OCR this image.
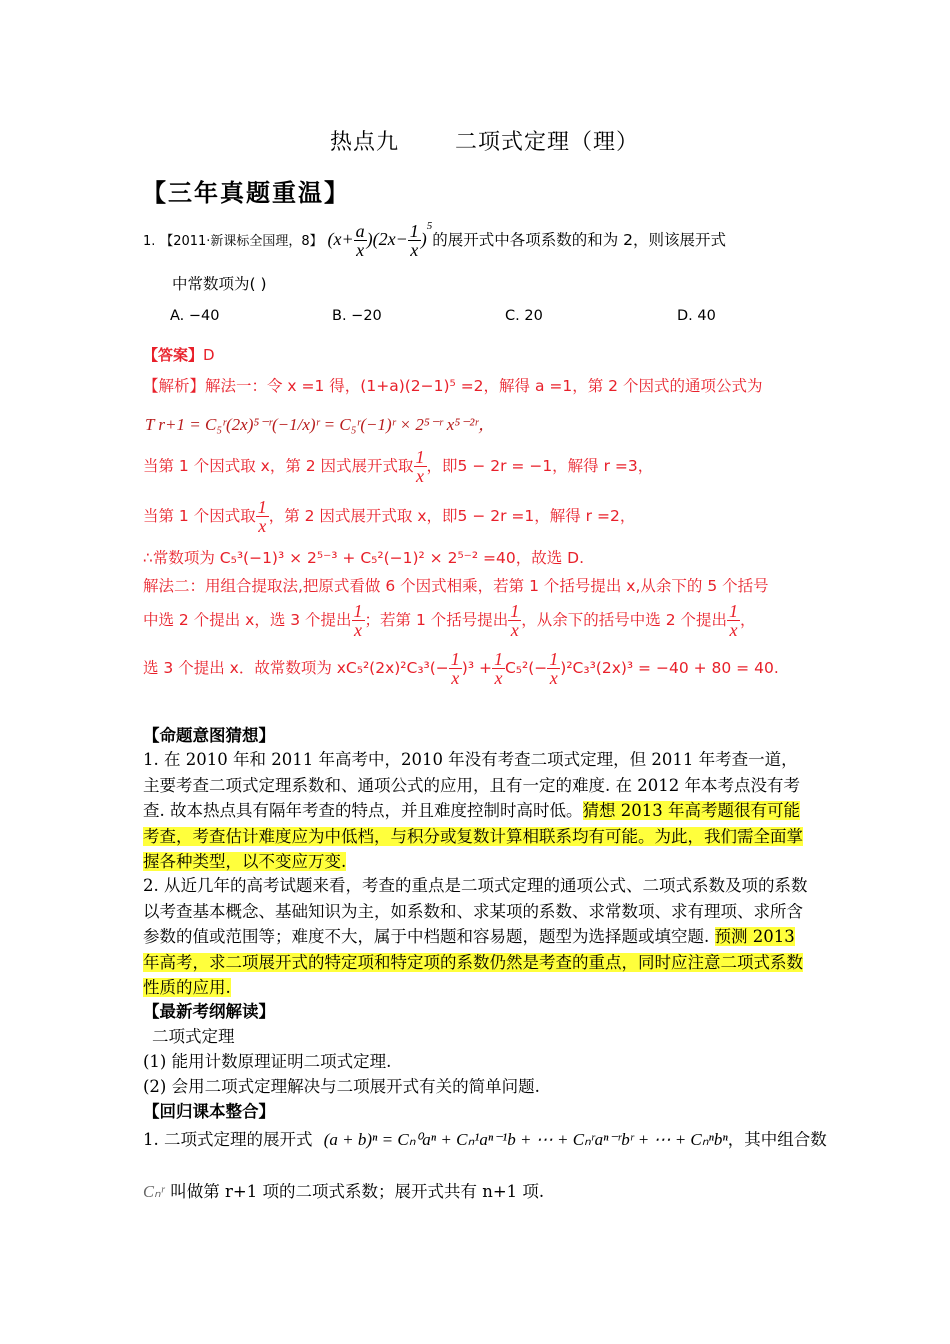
热点九	二项式定理（理）
【三年真题重温】
1. 【2011·新课标全国理，8】 $(x+ \frac{a}{x} )(2x- \frac{1}{x} )^5$的展开式中各项系数的和为 2，则该展开式
中常数项为( )
A. −40	B. −20	C. 20	D. 40
【答案】D
【解析】解法一：令 x =1 得，(1+a)(2−1)⁵ =2，解得 a =1，第 2 个因式的通项公式为
T r+1 = C₅ʳ(2x)⁵⁻ʳ(−1/x)ʳ = C₅ʳ(−1)ʳ × 2⁵⁻ʳ x⁵⁻²ʳ，
当第 1 个因式取 x，第 2 因式展开式取 $\frac{1}{x}$ ，即5 − 2r = −1，解得 r =3，
当第 1 个因式取 $\frac{1}{x}$ ，第 2 因式展开式取 x，即5 − 2r =1，解得 r =2，
∴常数项为 C₅³(−1)³ × 2⁵⁻³ + C₅²(−1)² × 2⁵⁻² =40，故选 D.
解法二：用组合提取法,把原式看做 6 个因式相乘，若第 1 个括号提出 x,从余下的 5 个括号
中选 2 个提出 x，选 3 个提出 $\frac{1}{x}$ ；若第 1 个括号提出 $\frac{1}{x}$ ，从余下的括号中选 2 个提出 $\frac{1}{x}$ ，
选 3 个提出 x．故常数项为 $xC_5^2(2x)^2C_3^3(- \frac{1}{x} )^3 + \frac{1}{x} C_5^2(- \frac{1}{x} )^2C_3^3(2x)^3 = -40 + 80 = 40$.
【命题意图猜想】

1. 在 2010 年和 2011 年高考中，2010 年没有考查二项式定理，但 2011 年考查一道，主要考查二项式定理系数和、通项公式的应用，且有一定的难度. 在 2012 年本考点没有考查. 故本热点具有隔年考查的特点，并且难度控制时高时低。猜想 2013 年高考题很有可能考查，考查估计难度应为中低档，与积分或复数计算相联系均有可能。为此，我们需全面掌握各种类型，以不变应万变.

2. 从近几年的高考试题来看，考查的重点是二项式定理的通项公式、二项式系数及项的系数以考查基本概念、基础知识为主，如系数和、求某项的系数、求常数项、求有理项、求所含参数的值或范围等；难度不大，属于中档题和容易题，题型为选择题或填空题. 预测 2013 年高考，求二项展开式的特定项和特定项的系数仍然是考查的重点，同时应注意二项式系数性质的应用.

【最新考纲解读】
二项式定理
(1) 能用计数原理证明二项式定理.
(2) 会用二项式定理解决与二项展开式有关的简单问题.
【回归课本整合】
1. 二项式定理的展开式 (a + b)ⁿ = Cₙ⁰aⁿ + Cₙ¹aⁿ⁻¹b + ⋯ + Cₙʳaⁿ⁻ʳbʳ + ⋯ + Cₙⁿbⁿ，其中组合数
Cₙʳ 叫做第 r+1 项的二项式系数；展开式共有 n+1 项.
